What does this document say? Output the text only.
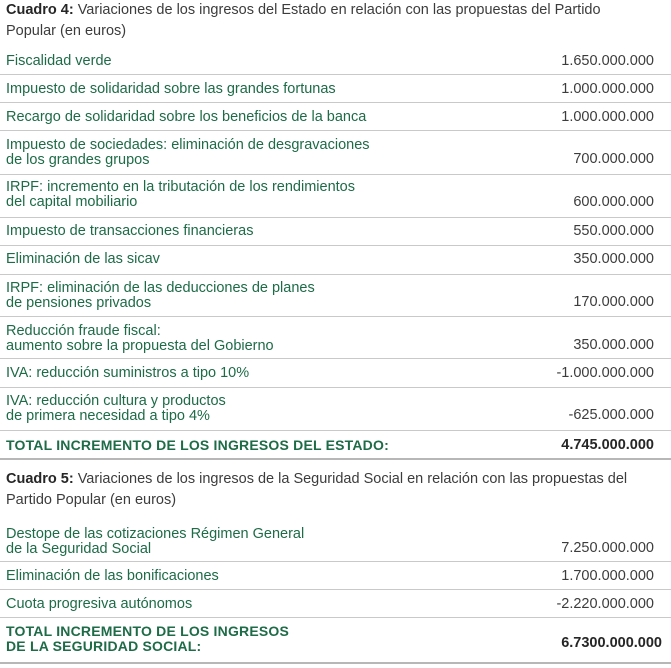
Cuadro 4: Variaciones de los ingresos del Estado en relación con las propuestas del Partido Popular (en euros)
Fiscalidad verde	1.650.000.000
Impuesto de solidaridad sobre las grandes fortunas	1.000.000.000
Recargo de solidaridad sobre los beneficios de la banca	1.000.000.000
Impuesto de sociedades: eliminación de desgravaciones
de los grandes grupos	700.000.000
IRPF: incremento en la tributación de los rendimientos
del capital mobiliario	600.000.000
Impuesto de transacciones financieras	550.000.000
Eliminación de las sicav	350.000.000
IRPF: eliminación de las deducciones de planes
de pensiones privados	170.000.000
Reducción fraude fiscal:
aumento sobre la propuesta del Gobierno	350.000.000
IVA: reducción suministros a tipo 10%	-1.000.000.000
IVA: reducción cultura y productos
de primera necesidad a tipo 4%	-625.000.000
TOTAL INCREMENTO DE LOS INGRESOS DEL ESTADO:	4.745.000.000
Cuadro 5: Variaciones de los ingresos de la Seguridad Social en relación con las propuestas del Partido Popular (en euros)
Destope de las cotizaciones Régimen General
de la Seguridad Social	7.250.000.000
Eliminación de las bonificaciones	1.700.000.000
Cuota progresiva autónomos	-2.220.000.000
TOTAL INCREMENTO DE LOS INGRESOS
DE LA SEGURIDAD SOCIAL:	6.7300.000.000
